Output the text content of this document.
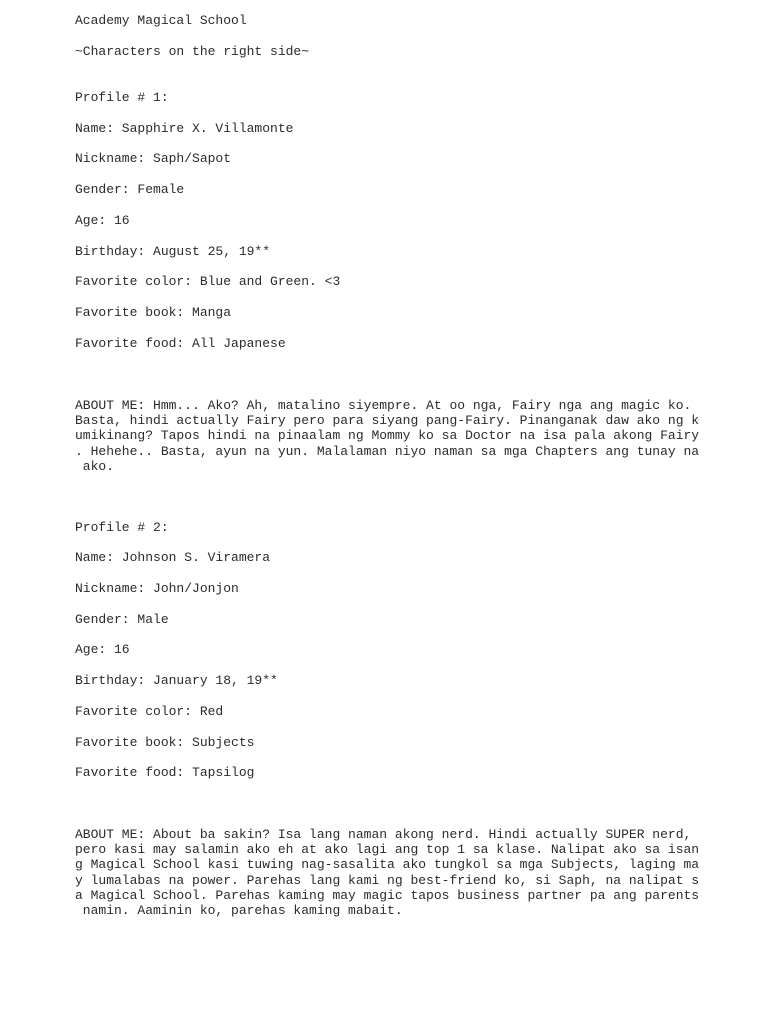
Academy Magical School

~Characters on the right side~

Profile # 1:

Name: Sapphire X. Villamonte

Nickname: Saph/Sapot

Gender: Female

Age: 16

Birthday: August 25, 19**

Favorite color: Blue and Green. <3

Favorite book: Manga

Favorite food: All Japanese

ABOUT ME: Hmm... Ako? Ah, matalino siyempre. At oo nga, Fairy nga ang magic ko.

Basta, hindi actually Fairy pero para siyang pang-Fairy. Pinanganak daw ako ng k

umikinang? Tapos hindi na pinaalam ng Mommy ko sa Doctor na isa pala akong Fairy

. Hehehe.. Basta, ayun na yun. Malalaman niyo naman sa mga Chapters ang tunay na

ako.

Profile # 2:

Name: Johnson S. Viramera

Nickname: John/Jonjon

Gender: Male

Age: 16

Birthday: January 18, 19**

Favorite color: Red

Favorite book: Subjects

Favorite food: Tapsilog

ABOUT ME: About ba sakin? Isa lang naman akong nerd. Hindi actually SUPER nerd,

pero kasi may salamin ako eh at ako lagi ang top 1 sa klase. Nalipat ako sa isan

g Magical School kasi tuwing nag-sasalita ako tungkol sa mga Subjects, laging ma

y lumalabas na power. Parehas lang kami ng best-friend ko, si Saph, na nalipat s

a Magical School. Parehas kaming may magic tapos business partner pa ang parents

namin. Aaminin ko, parehas kaming mabait.
